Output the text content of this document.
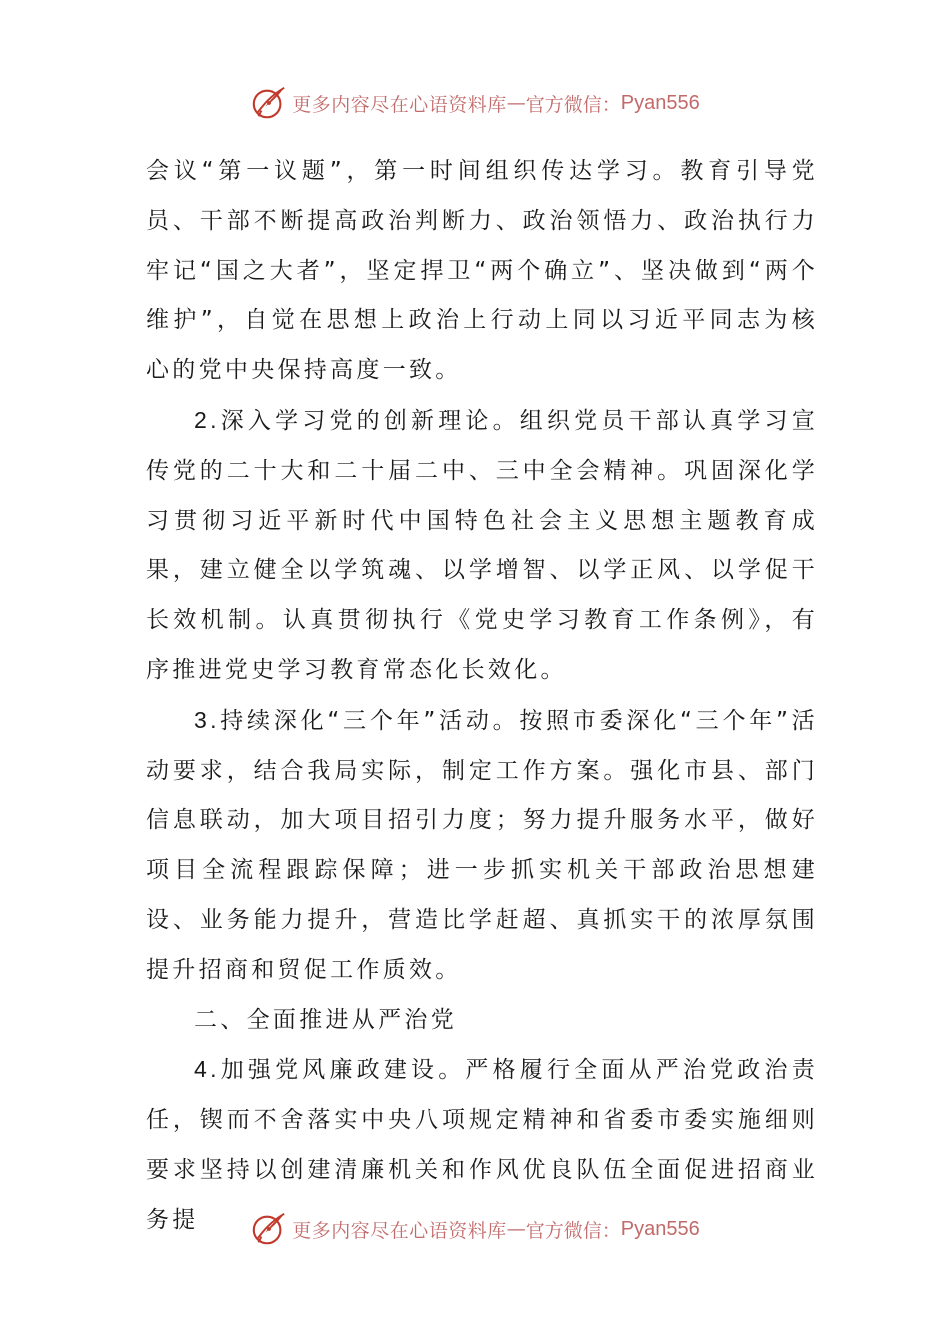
更多内容尽在心语资料库 — 官方微信： Pyan556

会议“第一议题”，第一时间组织传达学习。教育引导党员、干部不断提高政治判断力、政治领悟力、政治执行力牢记“国之大者”，坚定捍卫“两个确立”、坚决做到“两个维护”，自觉在思想上政治上行动上同以习近平同志为核心的党中央保持高度一致。

2.深入学习党的创新理论。组织党员干部认真学习宣传党的二十大和二十届二中、三中全会精神。巩固深化学习贯彻习近平新时代中国特色社会主义思想主题教育成果，建立健全以学筑魂、以学增智、以学正风、以学促干长效机制。认真贯彻执行《党史学习教育工作条例》，有序推进党史学习教育常态化长效化。

3.持续深化“三个年”活动。按照市委深化“三个年”活动要求，结合我局实际，制定工作方案。强化市县、部门信息联动，加大项目招引力度；努力提升服务水平，做好项目全流程跟踪保障；进一步抓实机关干部政治思想建设、业务能力提升，营造比学赶超、真抓实干的浓厚氛围提升招商和贸促工作质效。

二、全面推进从严治党

4.加强党风廉政建设。严格履行全面从严治党政治责任，锲而不舍落实中央八项规定精神和省委市委实施细则要求坚持以创建清廉机关和作风优良队伍全面促进招商业务提	更多内容尽在心语资料库 — 官方微信： Pyan556
